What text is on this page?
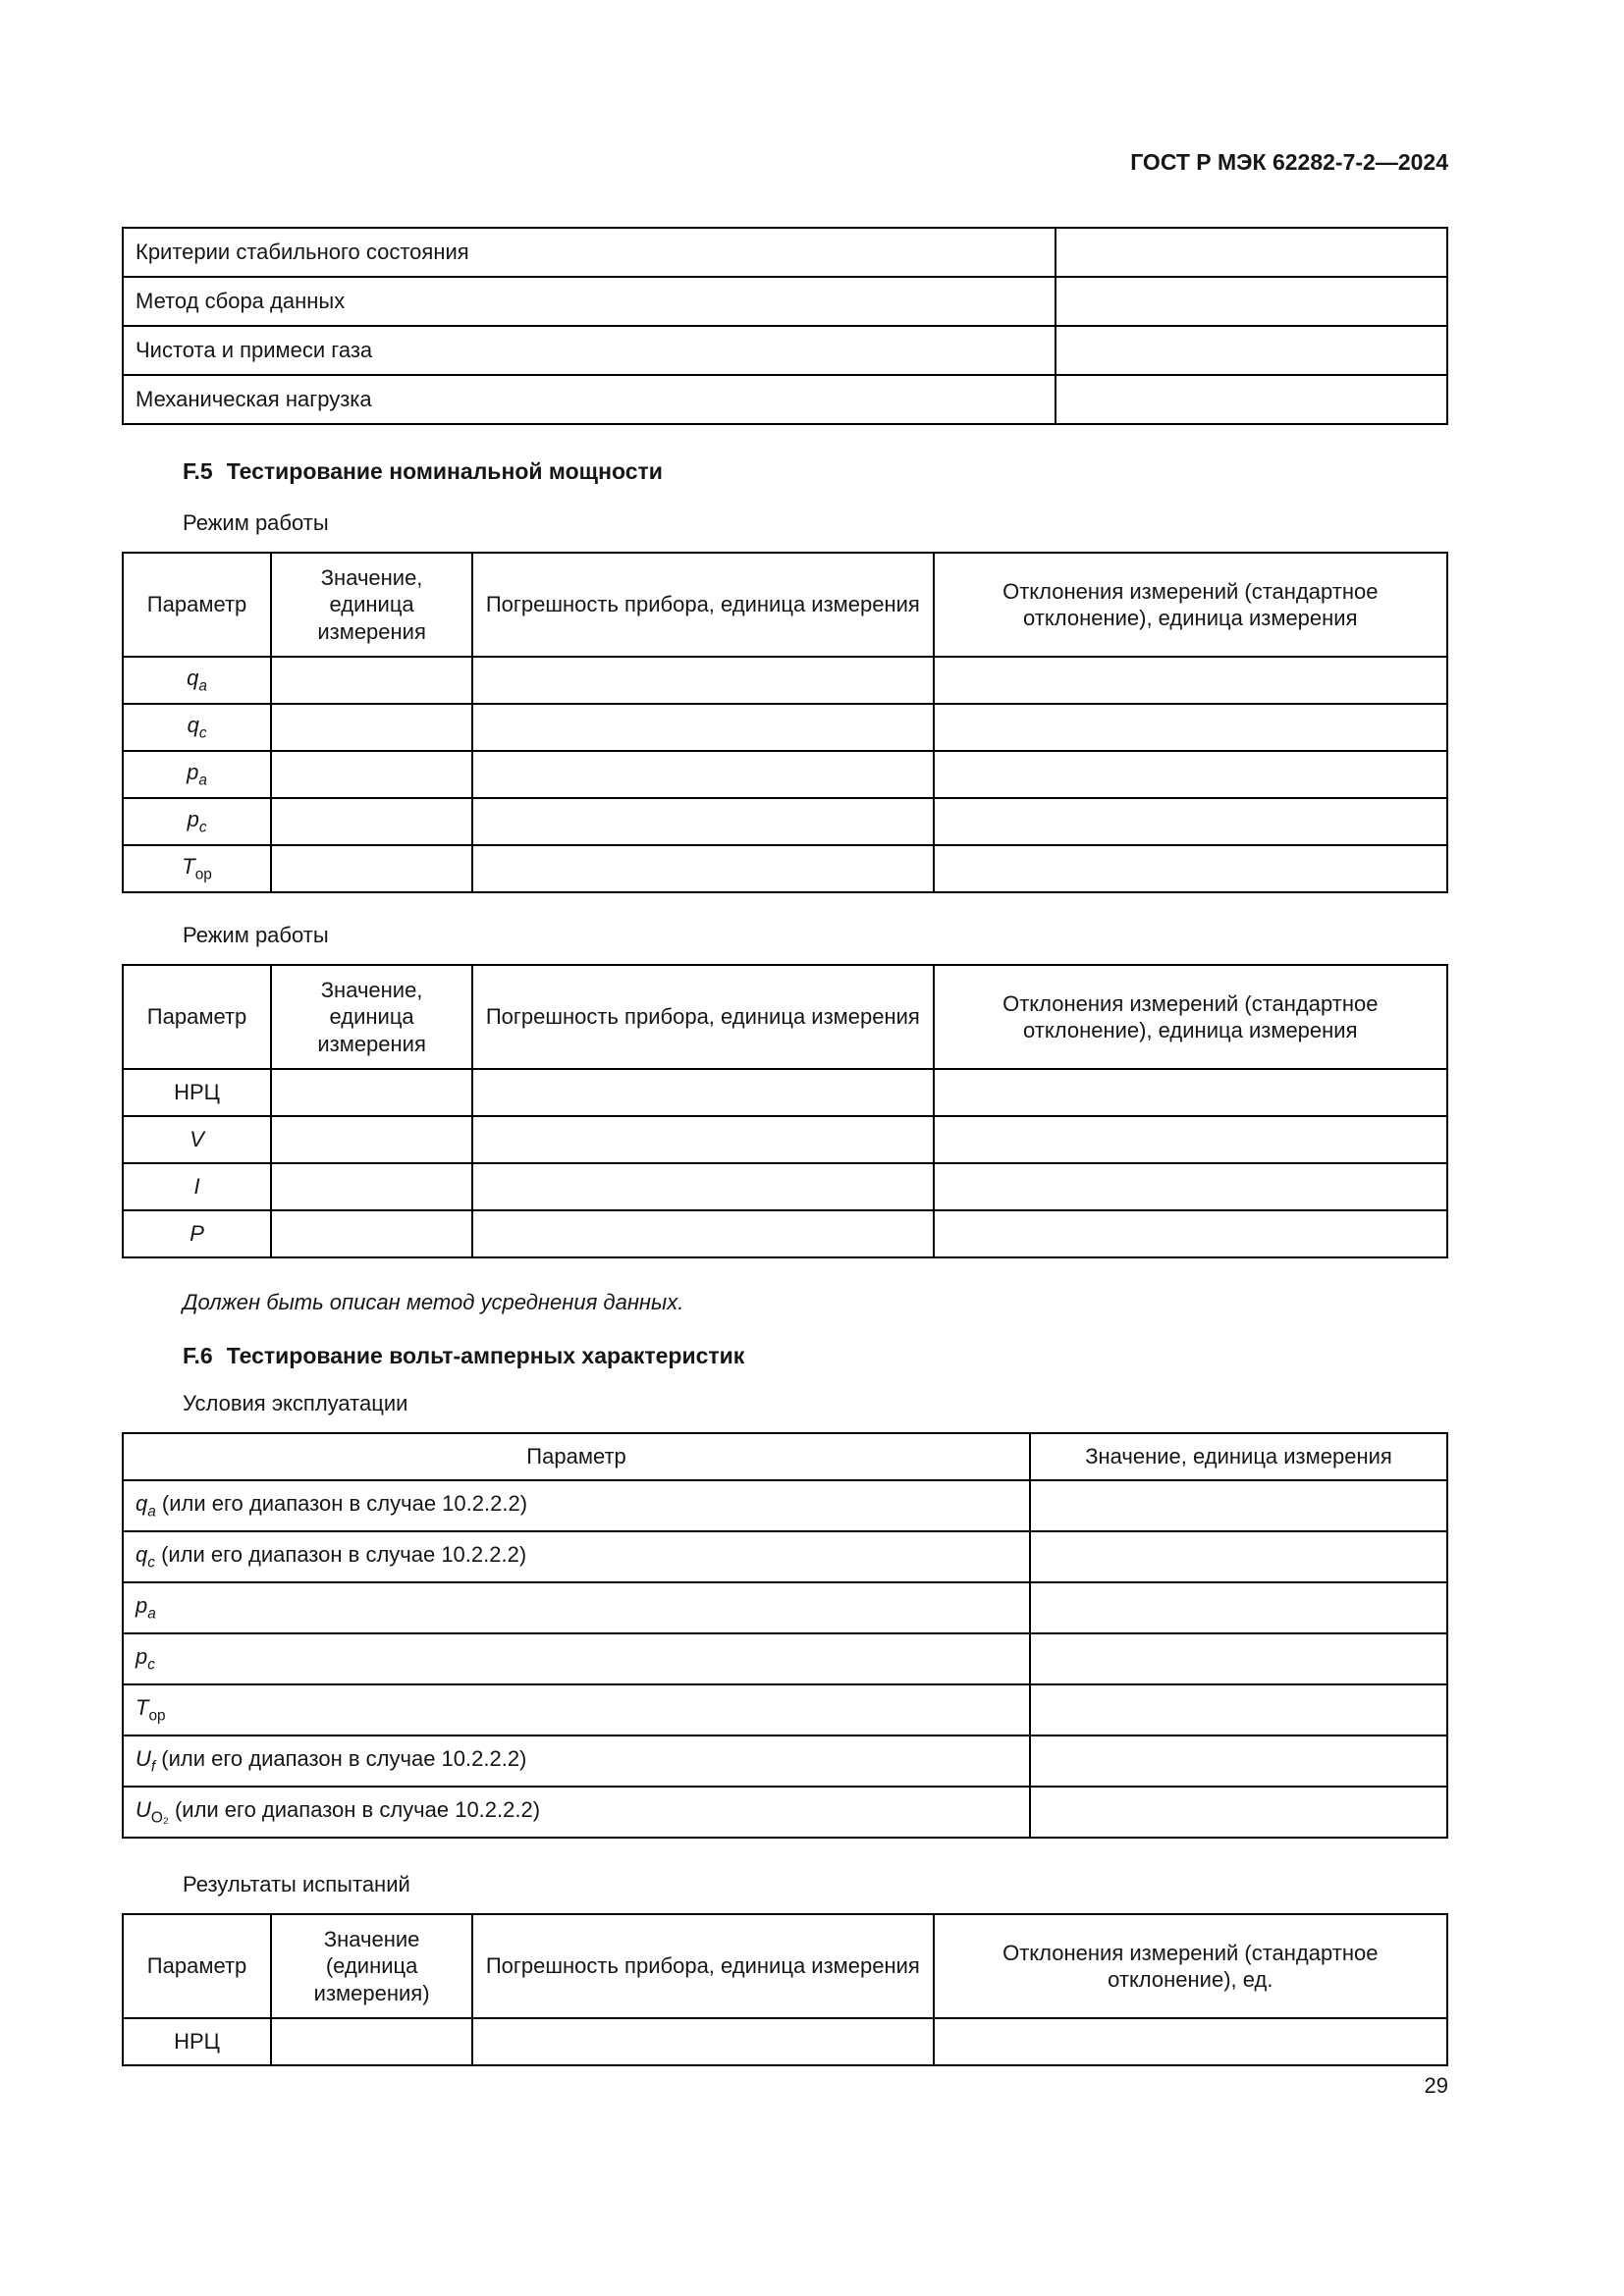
ГОСТ Р МЭК 62282-7-2—2024
Критерии стабильного состояния	
Метод сбора данных	
Чистота и примеси газа	
Механическая нагрузка	
F.5 Тестирование номинальной мощности

Режим работы

Параметр	Значение, единица измерения	Погрешность прибора, единица измерения	Отклонения измерений (стандартное отклонение), единица измерения
$q_a$			
$q_c$			
$p_a$			
$p_c$			
$T_{ор}$			

Режим работы

Параметр	Значение, единица измерения	Погрешность прибора, единица измерения	Отклонения измерений (стандартное отклонение), единица измерения
НРЦ			
V			
I			
P			

Должен быть описан метод усреднения данных.

F.6 Тестирование вольт-амперных характеристик

Условия эксплуатации

Параметр	Значение, единица измерения
$q_a$ (или его диапазон в случае 10.2.2.2)	
$q_c$ (или его диапазон в случае 10.2.2.2)	
$p_a$	
$p_c$	
$T_{ор}$	
$U_f$ (или его диапазон в случае 10.2.2.2)	
$U_{O_2}$ (или его диапазон в случае 10.2.2.2)	

Результаты испытаний

Параметр	Значение (единица измерения)	Погрешность прибора, единица измерения	Отклонения измерений (стандартное отклонение), ед.
НРЦ			
29
